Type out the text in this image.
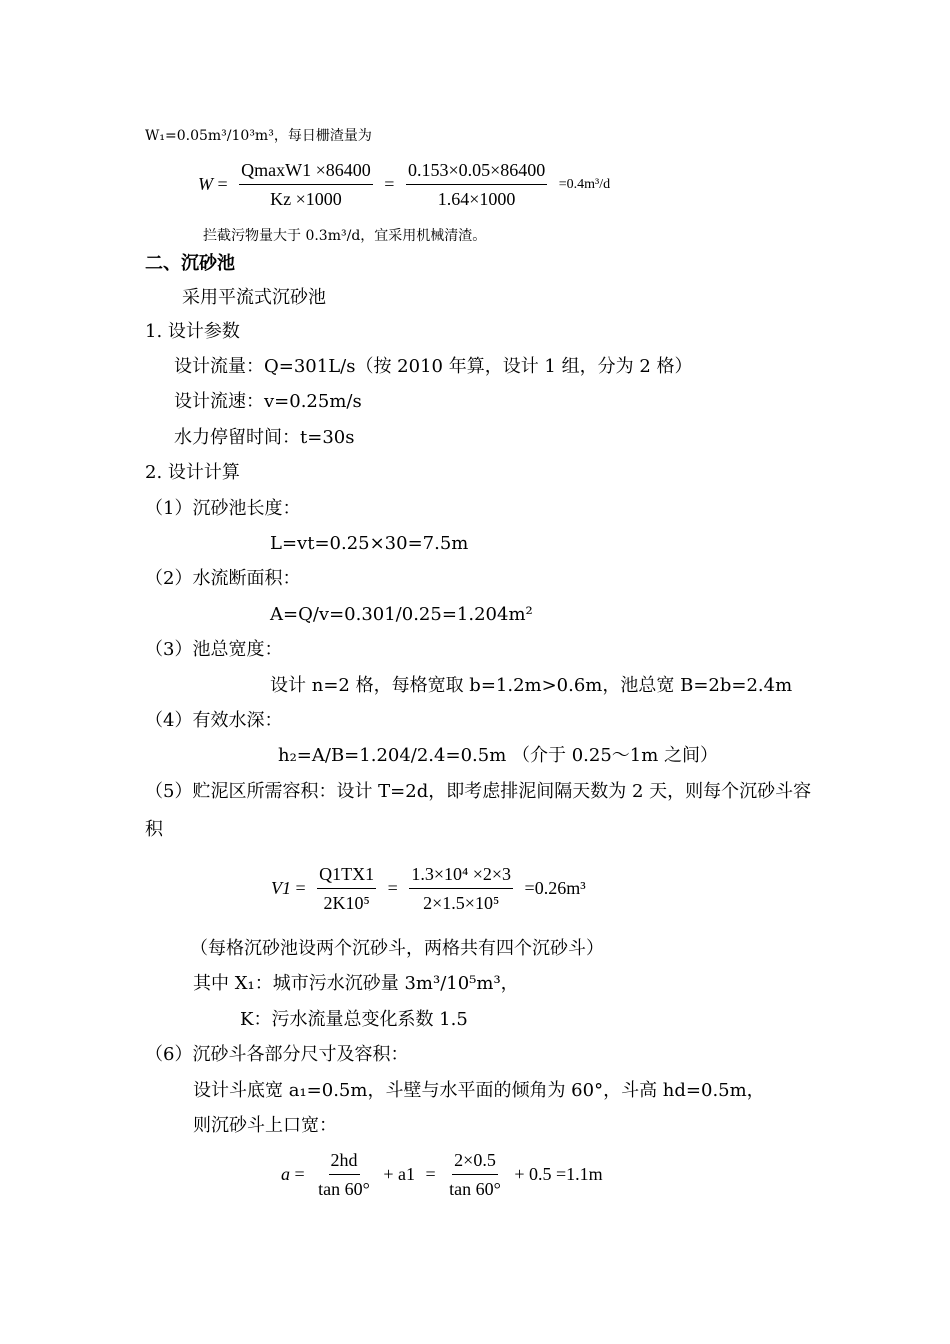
W₁=0.05m³/10³m³，每日栅渣量为
$W = \frac{QmaxW1 \times 86400}{Kz \times 1000} = \frac{0.153\times 0.05\times 86400}{1.64\times 1000} =0.4m^3/d$
拦截污物量大于 0.3m³/d，宜采用机械清渣。
二、沉砂池
采用平流式沉砂池
1. 设计参数
设计流量：Q=301L/s（按 2010 年算，设计 1 组，分为 2 格）
设计流速：v=0.25m/s
水力停留时间：t=30s
2. 设计计算
（1）沉砂池长度：
L=vt=0.25×30=7.5m
（2）水流断面积：
A=Q/v=0.301/0.25=1.204m²
（3）池总宽度：
设计 n=2 格，每格宽取 b=1.2m>0.6m，池总宽 B=2b=2.4m
（4）有效水深：
h₂=A/B=1.204/2.4=0.5m （介于 0.25～1m 之间）
（5）贮泥区所需容积：设计 T=2d，即考虑排泥间隔天数为 2 天，则每个沉砂斗容
积
$V1 = \frac{Q1TX1}{\text{2K10⁵}} = \frac{\text{1.3×10⁴ ×2×3}}{\text{2×1.5×10⁵}} =0.26m^3$
（每格沉砂池设两个沉砂斗，两格共有四个沉砂斗）
其中 X₁：城市污水沉砂量 3m³/10⁵m³，
K：污水流量总变化系数 1.5
（6）沉砂斗各部分尺寸及容积：
设计斗底宽 a₁=0.5m，斗壁与水平面的倾角为 60°，斗高 hd=0.5m，
则沉砂斗上口宽：
$a = \frac{2hd}{\tan 60^\circ} + a1 = \frac{2\times 0.5}{\tan 60^\circ} + 0.5 =1.1m$
